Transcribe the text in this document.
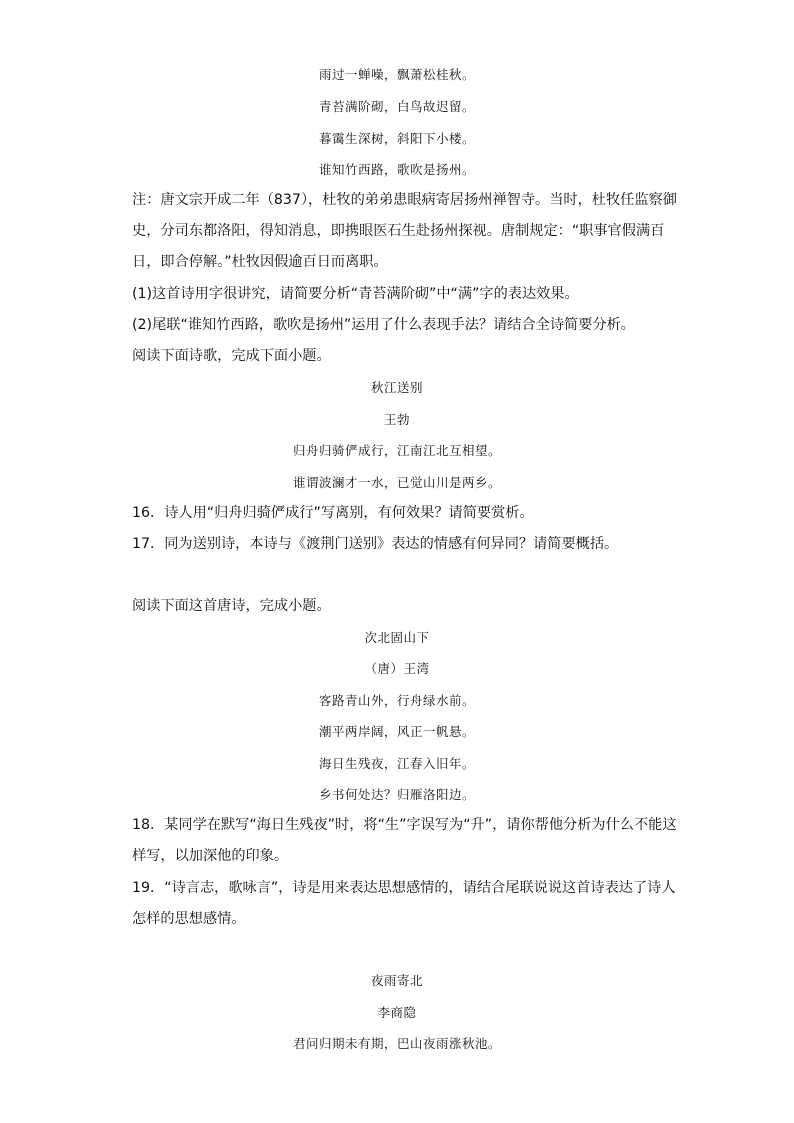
雨过一蝉噪，飘萧松桂秋。
青苔满阶砌，白鸟故迟留。
暮霭生深树，斜阳下小楼。
谁知竹西路，歌吹是扬州。
注：唐文宗开成二年（837），杜牧的弟弟患眼病寄居扬州禅智寺。当时，杜牧任监察御
史，分司东都洛阳，得知消息，即携眼医石生赴扬州探视。唐制规定：“职事官假满百
日，即合停解。”杜牧因假逾百日而离职。
(1)这首诗用字很讲究，请简要分析“青苔满阶砌”中“满”字的表达效果。
(2)尾联“谁知竹西路，歌吹是扬州”运用了什么表现手法？请结合全诗简要分析。
阅读下面诗歌，完成下面小题。
秋江送别
王勃
归舟归骑俨成行，江南江北互相望。
谁谓波澜才一水，已觉山川是两乡。
16．诗人用“归舟归骑俨成行”写离别，有何效果？请简要赏析。
17．同为送别诗，本诗与《渡荆门送别》表达的情感有何异同？请简要概括。
阅读下面这首唐诗，完成小题。
次北固山下
（唐）王湾
客路青山外，行舟绿水前。
潮平两岸阔，风正一帆悬。
海日生残夜，江春入旧年。
乡书何处达？归雁洛阳边。
18．某同学在默写“海日生残夜”时，将“生”字误写为“升”，请你帮他分析为什么不能这
样写，以加深他的印象。
19．“诗言志，歌咏言”，诗是用来表达思想感情的，请结合尾联说说这首诗表达了诗人
怎样的思想感情。
夜雨寄北
李商隐
君问归期未有期，巴山夜雨涨秋池。
